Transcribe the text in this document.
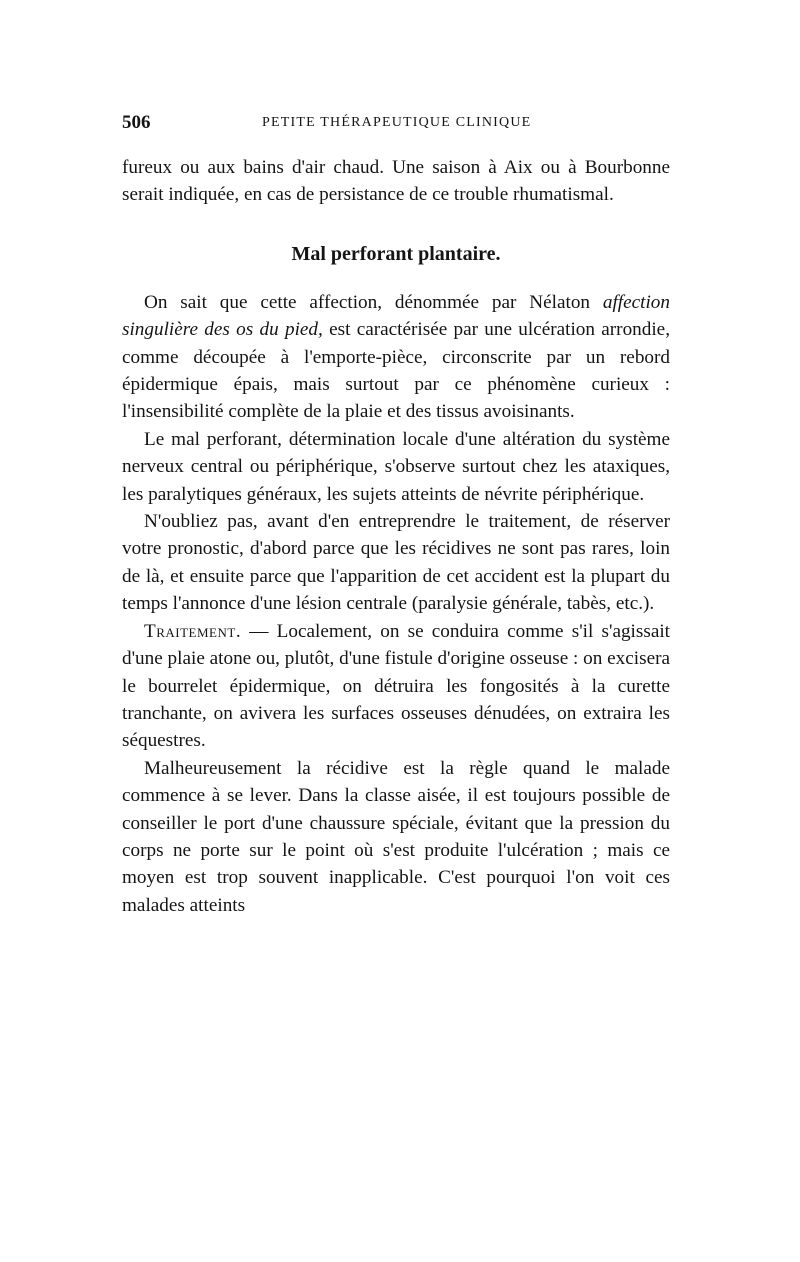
506	PETITE THÉRAPEUTIQUE CLINIQUE

fureux ou aux bains d'air chaud. Une saison à Aix ou à Bourbonne serait indiquée, en cas de persistance de ce trouble rhumatismal.

Mal perforant plantaire.

On sait que cette affection, dénommée par Nélaton affection singulière des os du pied, est caractérisée par une ulcération arrondie, comme découpée à l'emporte-pièce, circonscrite par un rebord épidermique épais, mais surtout par ce phénomène curieux : l'insensibilité complète de la plaie et des tissus avoisinants.

Le mal perforant, détermination locale d'une altération du système nerveux central ou périphérique, s'observe surtout chez les ataxiques, les paralytiques généraux, les sujets atteints de névrite périphérique.

N'oubliez pas, avant d'en entreprendre le traitement, de réserver votre pronostic, d'abord parce que les récidives ne sont pas rares, loin de là, et ensuite parce que l'apparition de cet accident est la plupart du temps l'annonce d'une lésion centrale (paralysie générale, tabès, etc.).

Traitement. — Localement, on se conduira comme s'il s'agissait d'une plaie atone ou, plutôt, d'une fistule d'origine osseuse : on excisera le bourrelet épidermique, on détruira les fongosités à la curette tranchante, on avivera les surfaces osseuses dénudées, on extraira les séquestres.

Malheureusement la récidive est la règle quand le malade commence à se lever. Dans la classe aisée, il est toujours possible de conseiller le port d'une chaussure spéciale, évitant que la pression du corps ne porte sur le point où s'est produite l'ulcération ; mais ce moyen est trop souvent inapplicable. C'est pourquoi l'on voit ces malades atteints
